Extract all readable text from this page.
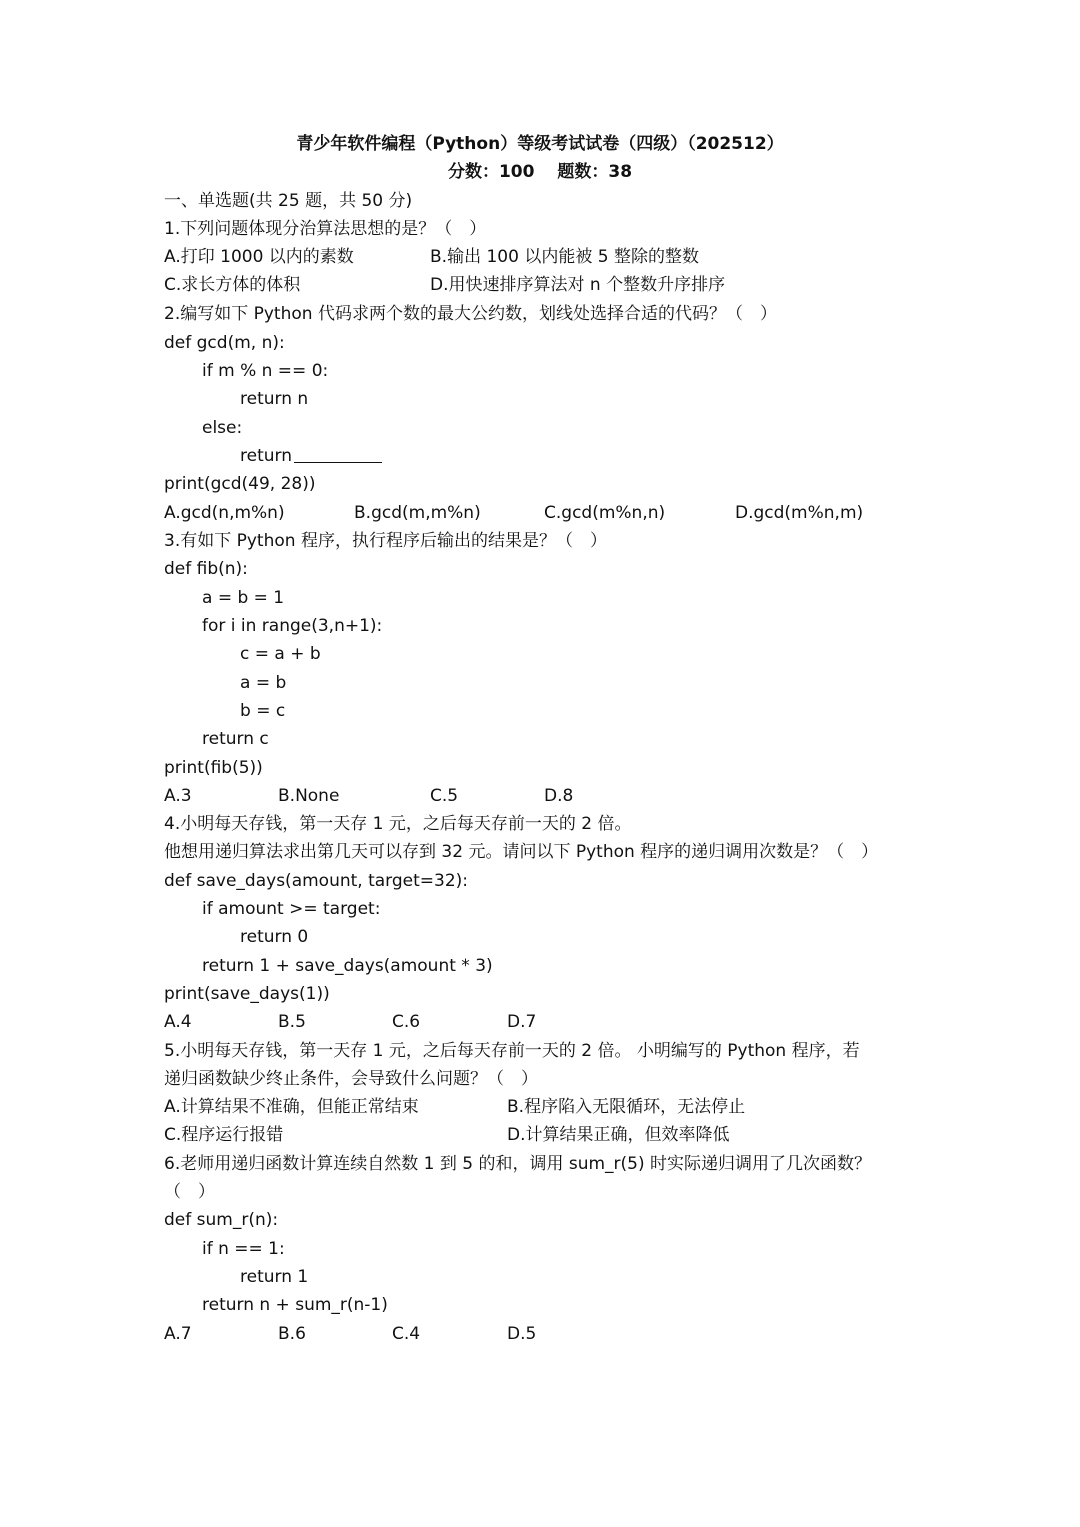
青少年软件编程（Python）等级考试试卷（四级）（202512）
分数：100　 题数：38
一、单选题(共 25 题，共 50 分)
1.下列问题体现分治算法思想的是？（　）
A.打印 1000 以内的素数	B.输出 100 以内能被 5 整除的整数
C.求长方体的体积	D.用快速排序算法对 n 个整数升序排序
2.编写如下 Python 代码求两个数的最大公约数，划线处选择合适的代码？（　）
def gcd(m, n):
if m % n == 0:
return n
else:
return
print(gcd(49, 28))
A.gcd(n,m%n)	B.gcd(m,m%n)	C.gcd(m%n,n)	D.gcd(m%n,m)
3.有如下 Python 程序，执行程序后输出的结果是？（　）
def fib(n):
a = b = 1
for i in range(3,n+1):
c = a + b
a = b
b = c
return c
print(fib(5))
A.3	B.None	C.5	D.8
4.小明每天存钱，第一天存 1 元，之后每天存前一天的 2 倍。
他想用递归算法求出第几天可以存到 32 元。请问以下 Python 程序的递归调用次数是？（　）
def save_days(amount, target=32):
if amount >= target:
return 0
return 1 + save_days(amount * 3)
print(save_days(1))
A.4	B.5	C.6	D.7
5.小明每天存钱，第一天存 1 元，之后每天存前一天的 2 倍。 小明编写的 Python 程序，若
递归函数缺少终止条件，会导致什么问题？（　）
A.计算结果不准确，但能正常结束	B.程序陷入无限循环，无法停止
C.程序运行报错	D.计算结果正确，但效率降低
6.老师用递归函数计算连续自然数 1 到 5 的和，调用 sum_r(5) 时实际递归调用了几次函数？
（　）
def sum_r(n):
if n == 1:
return 1
return n + sum_r(n-1)
A.7	B.6	C.4	D.5
